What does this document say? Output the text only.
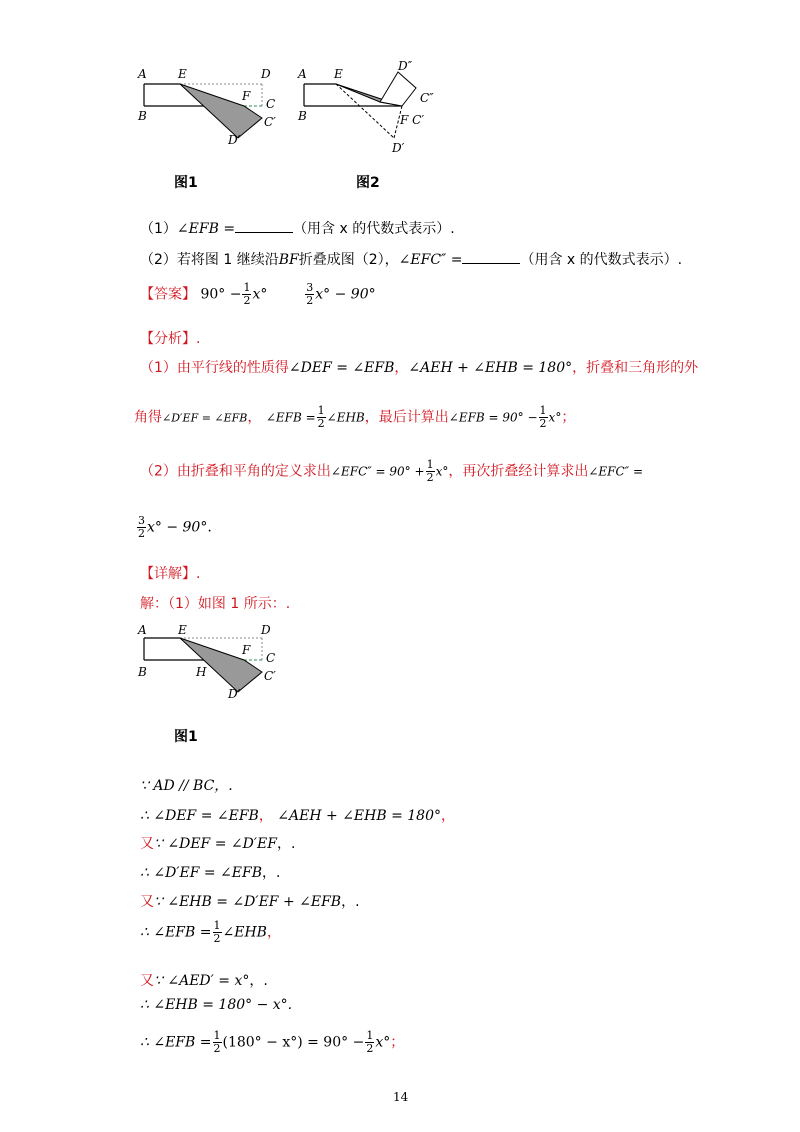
A	E	D
F
C
B	C′
D′
图1
A E
D″
C″
B	F C′
D′
图2
（1）∠EFB =	（用含 x 的代数式表示）.
（2）若将图 1 继续沿BF折叠成图（2），∠EFC″ =	（用含 x 的代数式表示）.
【答案】 $90^\circ - \frac{1}{2} x^\circ$	$\frac{3}{2} x^\circ - 90^\circ$
【分析】.
（1）由平行线的性质得∠DEF = ∠EFB，∠AEH + ∠EHB = 180°，折叠和三角形的外
角得∠D′EF = ∠EFB， ∠EFB = $\frac{1}{2}$ ∠EHB，最后计算出∠EFB = $90^\circ - \frac{1}{2} x^\circ$；
（2）由折叠和平角的定义求出∠EFC″ = $90^\circ + \frac{1}{2} x^\circ$，再次折叠经计算求出∠EFC″ =
$\frac{3}{2} x^\circ - 90^\circ$.
【详解】.
解：（1）如图 1 所示：.
A	E	D
F
C
B	H	C′
D′
图1
∵ AD // BC，.
∴ ∠DEF = ∠EFB， ∠AEH + ∠EHB = 180°，
又∵ ∠DEF = ∠D′EF，.
∴ ∠D′EF = ∠EFB，.
又∵ ∠EHB = ∠D′EF + ∠EFB，.
∴ ∠EFB = $\frac{1}{2}$ ∠EHB，
又∵ ∠AED′ = x°，.
∴ ∠EHB = 180° − x°.
∴ ∠EFB = $\frac{1}{2} (180^\circ - x^\circ) = 90^\circ - \frac{1}{2} x^\circ$；
14
